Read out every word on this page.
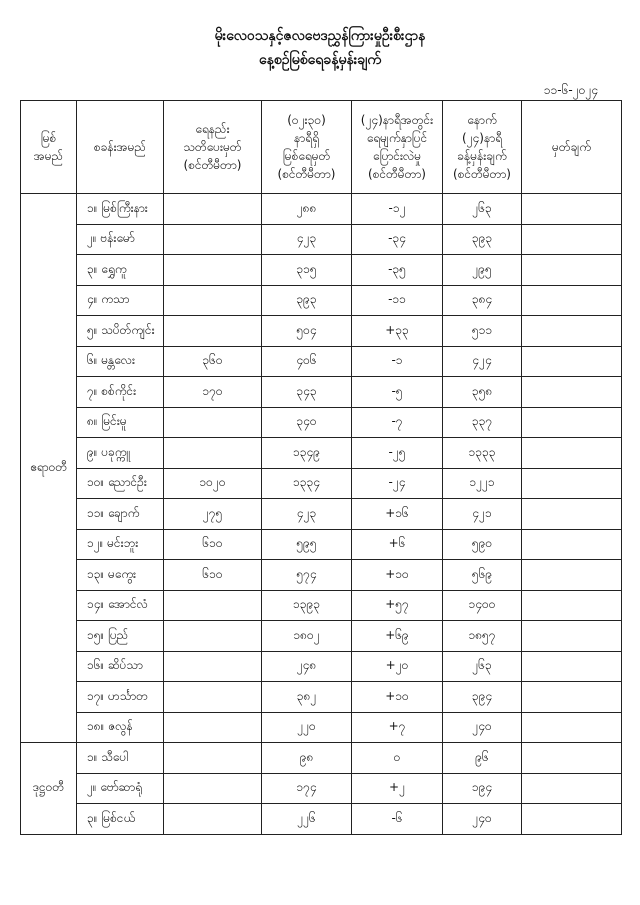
မိုးလေဝသနှင့်ဇလဗေဒညွှန်ကြားမှုဦးစီးဌာန
နေ့စဉ်မြစ်ရေခန့်မှန်းချက်
၁၁-၆-၂၀၂၄
မြစ်
အမည်	စခန်းအမည်	ရေနည်း
သတိပေးမှတ်
(စင်တီမီတာ)	(၀၂း၃၀)
နာရီရှိ
မြစ်ရေမှတ်
(စင်တီမီတာ)	(၂၄)နာရီအတွင်း
ရေမျက်နှာပြင်
ပြောင်းလဲမှု
(စင်တီမီတာ)	နောက်
(၂၄)နာရီ
ခန့်မှန်းချက်
(စင်တီမီတာ)	မှတ်ချက်

ဧရာဝတီ	၁။ မြစ်ကြီးနား		၂၈၈	-၁၂	၂၆၃	
	၂။ ဗန်းမော်		၄၂၃	-၃၄	၃၉၃	
	၃။ ရွှေကူ		၃၁၅	-၃၅	၂၉၅	
	၄။ ကသာ		၃၉၃	-၁၁	၃၈၄	
	၅။ သပိတ်ကျင်း		၅၀၄	+၃၃	၅၁၁	
	၆။ မန္တလေး	၃၆၀	၄၀၆	-၁	၄၂၄	
	၇။ စစ်ကိုင်း	၁၇၀	၃၄၃	-၅	၃၅၈	
	၈။ မြင်းမူ		၃၄၀	-၇	၃၃၇	
	၉။ ပခုက္ကူ		၁၃၄၉	-၂၅	၁၃၃၃	
	၁၀။ ညောင်ဦး	၁၀၂၀	၁၃၃၄	-၂၄	၁၂၂၁	
	၁၁။ ချောက်	၂၇၅	၄၂၃	+၁၆	၄၂၁	
	၁၂။ မင်းဘူး	၆၁၀	၅၉၅	+၆	၅၉၀	
	၁၃။ မကွေး	၆၁၀	၅၇၄	+၁၀	၅၆၉	
	၁၄။ အောင်လံ		၁၃၉၃	+၅၇	၁၄၀၀	
	၁၅။ ပြည်		၁၈၀၂	+၆၉	၁၈၅၇	
	၁၆။ ဆိပ်သာ		၂၄၈	+၂၀	၂၆၃	
	၁၇။ ဟင်္သာတ		၃၈၂	+၁၀	၃၉၄	
	၁၈။ ဇလွန်		၂၂၀	+၇	၂၄၀	
ဒုဋ္ဌဝတီ	၁။ သီပေါ		၉၈	၀	၉၆	
	၂။ ဗော်ဆာရုံ		၁၇၄	+၂	၁၉၄	
	၃။ မြစ်ငယ်		၂၂၆	-၆	၂၄၀	
